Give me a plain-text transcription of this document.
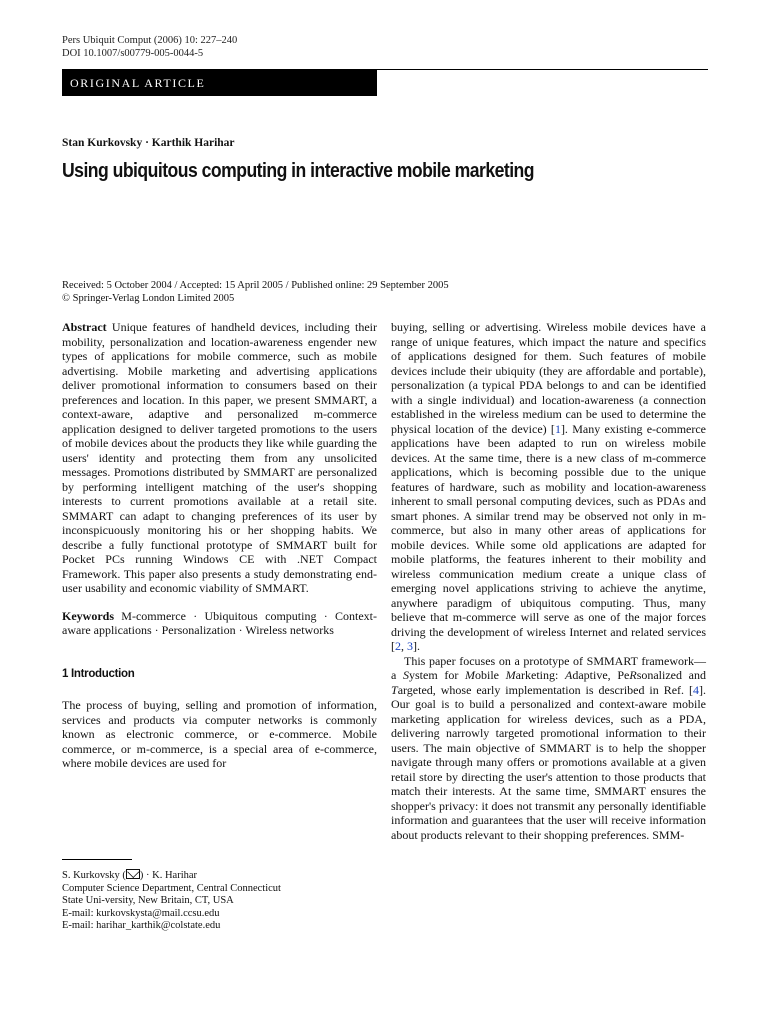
Pers Ubiquit Comput (2006) 10: 227–240
DOI 10.1007/s00779-005-0044-5
ORIGINAL ARTICLE
Stan Kurkovsky · Karthik Harihar
Using ubiquitous computing in interactive mobile marketing
Received: 5 October 2004 / Accepted: 15 April 2005 / Published online: 29 September 2005
© Springer-Verlag London Limited 2005

Abstract Unique features of handheld devices, including their mobility, personalization and location-awareness engender new types of applications for mobile commerce, such as mobile advertising. Mobile marketing and advertising applications deliver promotional information to consumers based on their preferences and location. In this paper, we present SMMART, a context-aware, adaptive and personalized m-commerce application designed to deliver targeted promotions to the users of mobile devices about the products they like while guarding the users' identity and protecting them from any unsolicited messages. Promotions distributed by SMMART are personalized by performing intelligent matching of the user's shopping interests to current promotions available at a retail site. SMMART can adapt to changing preferences of its user by inconspicuously monitoring his or her shopping habits. We describe a fully functional prototype of SMMART built for Pocket PCs running Windows CE with .NET Compact Framework. This paper also presents a study demonstrating end-user usability and economic viability of SMMART.

Keywords M-commerce · Ubiquitous computing · Context-aware applications · Personalization · Wireless networks

1 Introduction

The process of buying, selling and promotion of information, services and products via computer networks is commonly known as electronic commerce, or e-commerce. Mobile commerce, or m-commerce, is a special area of e-commerce, where mobile devices are used for

S. Kurkovsky ( ) · K. Harihar
Computer Science Department, Central Connecticut
State Uni-versity, New Britain, CT, USA
E-mail: kurkovskysta@mail.ccsu.edu
E-mail: harihar_karthik@colstate.edu

buying, selling or advertising. Wireless mobile devices have a range of unique features, which impact the nature and specifics of applications designed for them. Such features of mobile devices include their ubiquity (they are affordable and portable), personalization (a typical PDA belongs to and can be identified with a single individual) and location-awareness (a connection established in the wireless medium can be used to determine the physical location of the device) [1]. Many existing e-commerce applications have been adapted to run on wireless mobile devices. At the same time, there is a new class of m-commerce applications, which is becoming possible due to the unique features of hardware, such as mobility and location-awareness inherent to small personal computing devices, such as PDAs and smart phones. A similar trend may be observed not only in m-commerce, but also in many other areas of applications for mobile devices. While some old applications are adapted for mobile platforms, the features inherent to their mobility and wireless communication medium create a unique class of emerging novel applications striving to achieve the anytime, anywhere paradigm of ubiquitous computing. Thus, many believe that m-commerce will serve as one of the major forces driving the development of wireless Internet and related services [2, 3].

This paper focuses on a prototype of SMMART framework—a System for Mobile Marketing: Adaptive, PeRsonalized and Targeted, whose early implementation is described in Ref. [4]. Our goal is to build a personalized and context-aware mobile marketing application for wireless devices, such as a PDA, delivering narrowly targeted promotional information to their users. The main objective of SMMART is to help the shopper navigate through many offers or promotions available at a given retail store by directing the user's attention to those products that match their interests. At the same time, SMMART ensures the shopper's privacy: it does not transmit any personally identifiable information and guarantees that the user will receive information about products relevant to their shopping preferences. SMM-
